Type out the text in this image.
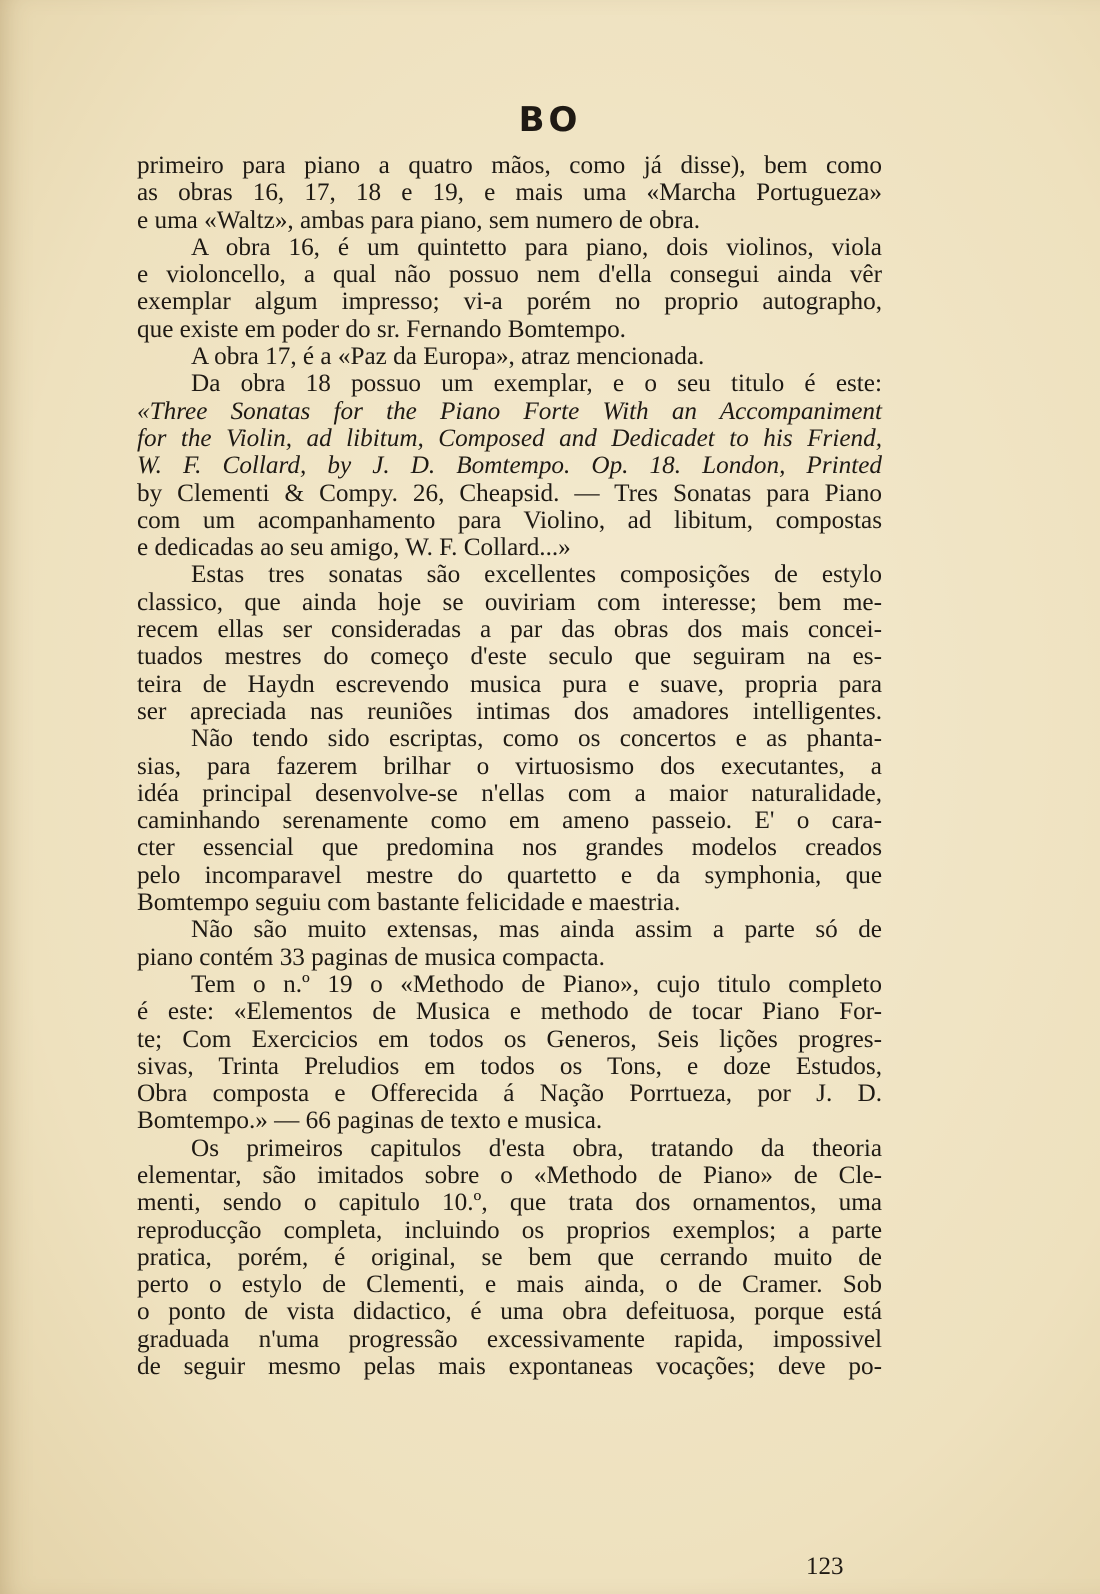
BO
primeiro para piano a quatro mãos, como já disse), bem como
as obras 16, 17, 18 e 19, e mais uma «Marcha Portugueza»
e uma «Waltz», ambas para piano, sem numero de obra.
A obra 16, é um quintetto para piano, dois violinos, viola
e violoncello, a qual não possuo nem d'ella consegui ainda vêr
exemplar algum impresso; vi-a porém no proprio autographo,
que existe em poder do sr. Fernando Bomtempo.
A obra 17, é a «Paz da Europa», atraz mencionada.
Da obra 18 possuo um exemplar, e o seu titulo é este:
«Three Sonatas for the Piano Forte With an Accompaniment
for the Violin, ad libitum, Composed and Dedicadet to his Friend,
W. F. Collard, by J. D. Bomtempo. Op. 18. London, Printed
by Clementi & Compy. 26, Cheapsid. — Tres Sonatas para Piano
com um acompanhamento para Violino, ad libitum, compostas
e dedicadas ao seu amigo, W. F. Collard...»
Estas tres sonatas são excellentes composições de estylo
classico, que ainda hoje se ouviriam com interesse; bem me-
recem ellas ser consideradas a par das obras dos mais concei-
tuados mestres do começo d'este seculo que seguiram na es-
teira de Haydn escrevendo musica pura e suave, propria para
ser apreciada nas reuniões intimas dos amadores intelligentes.
Não tendo sido escriptas, como os concertos e as phanta-
sias, para fazerem brilhar o virtuosismo dos executantes, a
idéa principal desenvolve-se n'ellas com a maior naturalidade,
caminhando serenamente como em ameno passeio. E' o cara-
cter essencial que predomina nos grandes modelos creados
pelo incomparavel mestre do quartetto e da symphonia, que
Bomtempo seguiu com bastante felicidade e maestria.
Não são muito extensas, mas ainda assim a parte só de
piano contém 33 paginas de musica compacta.
Tem o n.º 19 o «Methodo de Piano», cujo titulo completo
é este: «Elementos de Musica e methodo de tocar Piano For-
te; Com Exercicios em todos os Generos, Seis lições progres-
sivas, Trinta Preludios em todos os Tons, e doze Estudos,
Obra composta e Offerecida á Nação Porrtueza, por J. D.
Bomtempo.» — 66 paginas de texto e musica.
Os primeiros capitulos d'esta obra, tratando da theoria
elementar, são imitados sobre o «Methodo de Piano» de Cle-
menti, sendo o capitulo 10.º, que trata dos ornamentos, uma
reproducção completa, incluindo os proprios exemplos; a parte
pratica, porém, é original, se bem que cerrando muito de
perto o estylo de Clementi, e mais ainda, o de Cramer. Sob
o ponto de vista didactico, é uma obra defeituosa, porque está
graduada n'uma progressão excessivamente rapida, impossivel
de seguir mesmo pelas mais expontaneas vocações; deve po-
123
